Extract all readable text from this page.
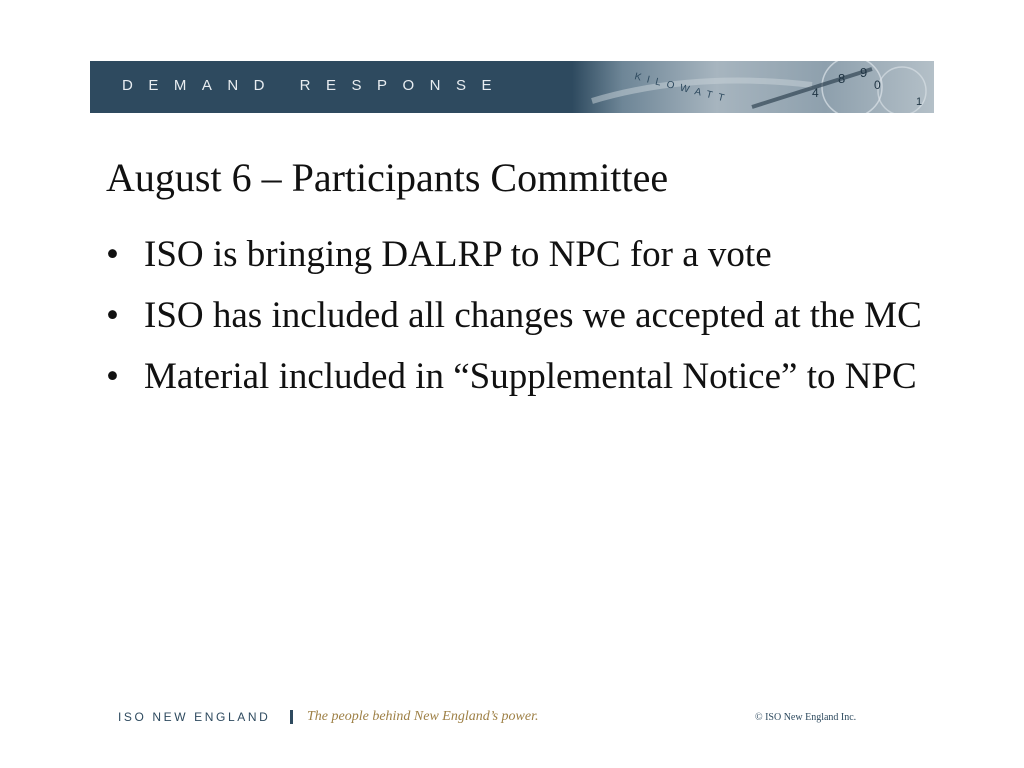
DEMAND RESPONSE	KILOWATT	8 9
0
4
1
August 6 – Participants Committee
• ISO is bringing DALRP to NPC for a vote
• ISO has included all changes we accepted at the MC
• Material included in “Supplemental Notice” to NPC
ISO NEW ENGLAND	The people behind New England’s power.	© ISO New England Inc.
